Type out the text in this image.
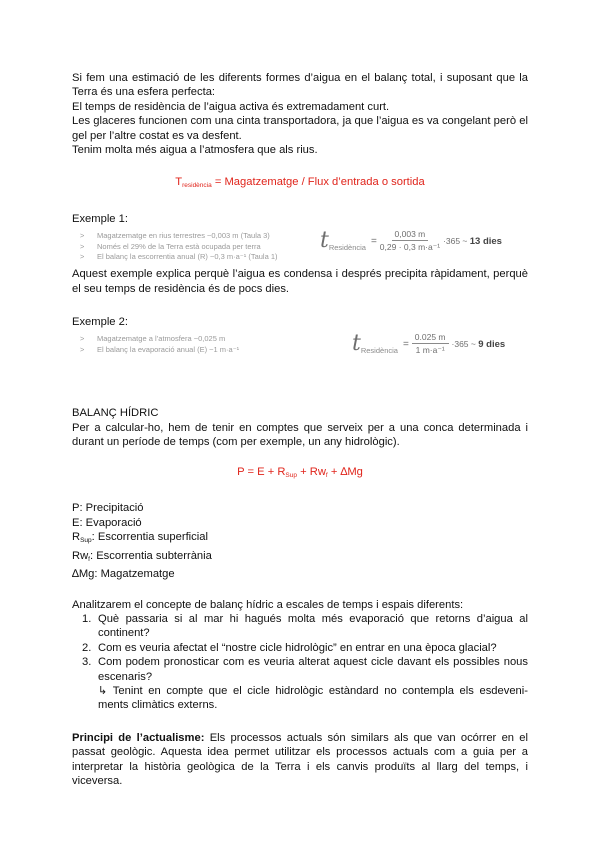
Si fem una estimació de les diferents formes d’aigua en el balanç total, i suposant que la Terra és una esfera perfecta:

El temps de residència de l’aigua activa és extremadament curt.

Les glaceres funcionen com una cinta transportadora, ja que l’aigua es va congelant però el gel per l’altre costat es va desfent.

Tenim molta més aigua a l’atmosfera que als rius.

$T_{residència}$ = Magatzematge / Flux d’entrada o sortida

Exemple 1:

> Magatzematge en rius terrestres ~0,003 m (Taula 3)
> Només el 29% de la Terra està ocupada per terra
> El balanç la escorrentia anual (R) ~0,3 m·a⁻¹ (Taula 1)
t Residència
= $\frac{0,003 m}{\text{0,29 · 0,3 m·a⁻¹}} \cdot 365$ ~ 13 dies

Aquest exemple explica perquè l’aigua es condensa i després precipita ràpidament, perquè el seu temps de residència és de pocs dies.

Exemple 2:

> Magatzematge a l’atmosfera ~0,025 m
> El balanç la evaporació anual (E) ~1 m·a⁻¹	t Residència
= $\frac{0.025 m}{\text{1 m·a⁻¹}} \cdot 365$ ~ 9 dies

BALANÇ HÍDRIC

Per a calcular-ho, hem de tenir en comptes que serveix per a una conca determinada i durant un període de temps (com per exemple, un any hidrològic).

$P = E + R_{Sup} + Rw_f + \Delta Mg$

P: Precipitació

E: Evaporació

$R_{Sup}$: Escorrentia superficial

$Rw_f$: Escorrentia subterrània

∆Mg: Magatzematge

Analitzarem el concepte de balanç hídric a escales de temps i espais diferents:

1. Què passaria si al mar hi hagués molta més evaporació que retorns d’aigua al continent?
2. Com es veuria afectat el “nostre cicle hidrològic” en entrar en una època glacial?
3. Com podem pronosticar com es veuria alterat aquest cicle davant els possibles nous escenaris?

↳ Tenint en compte que el cicle hidrològic estàndard no contempla els esdeveni-ments climàtics externs.

Principi de l’actualisme: Els processos actuals són similars als que van ocórrer en el passat geològic. Aquesta idea permet utilitzar els processos actuals com a guia per a interpretar la història geològica de la Terra i els canvis produïts al llarg del temps, i viceversa.
